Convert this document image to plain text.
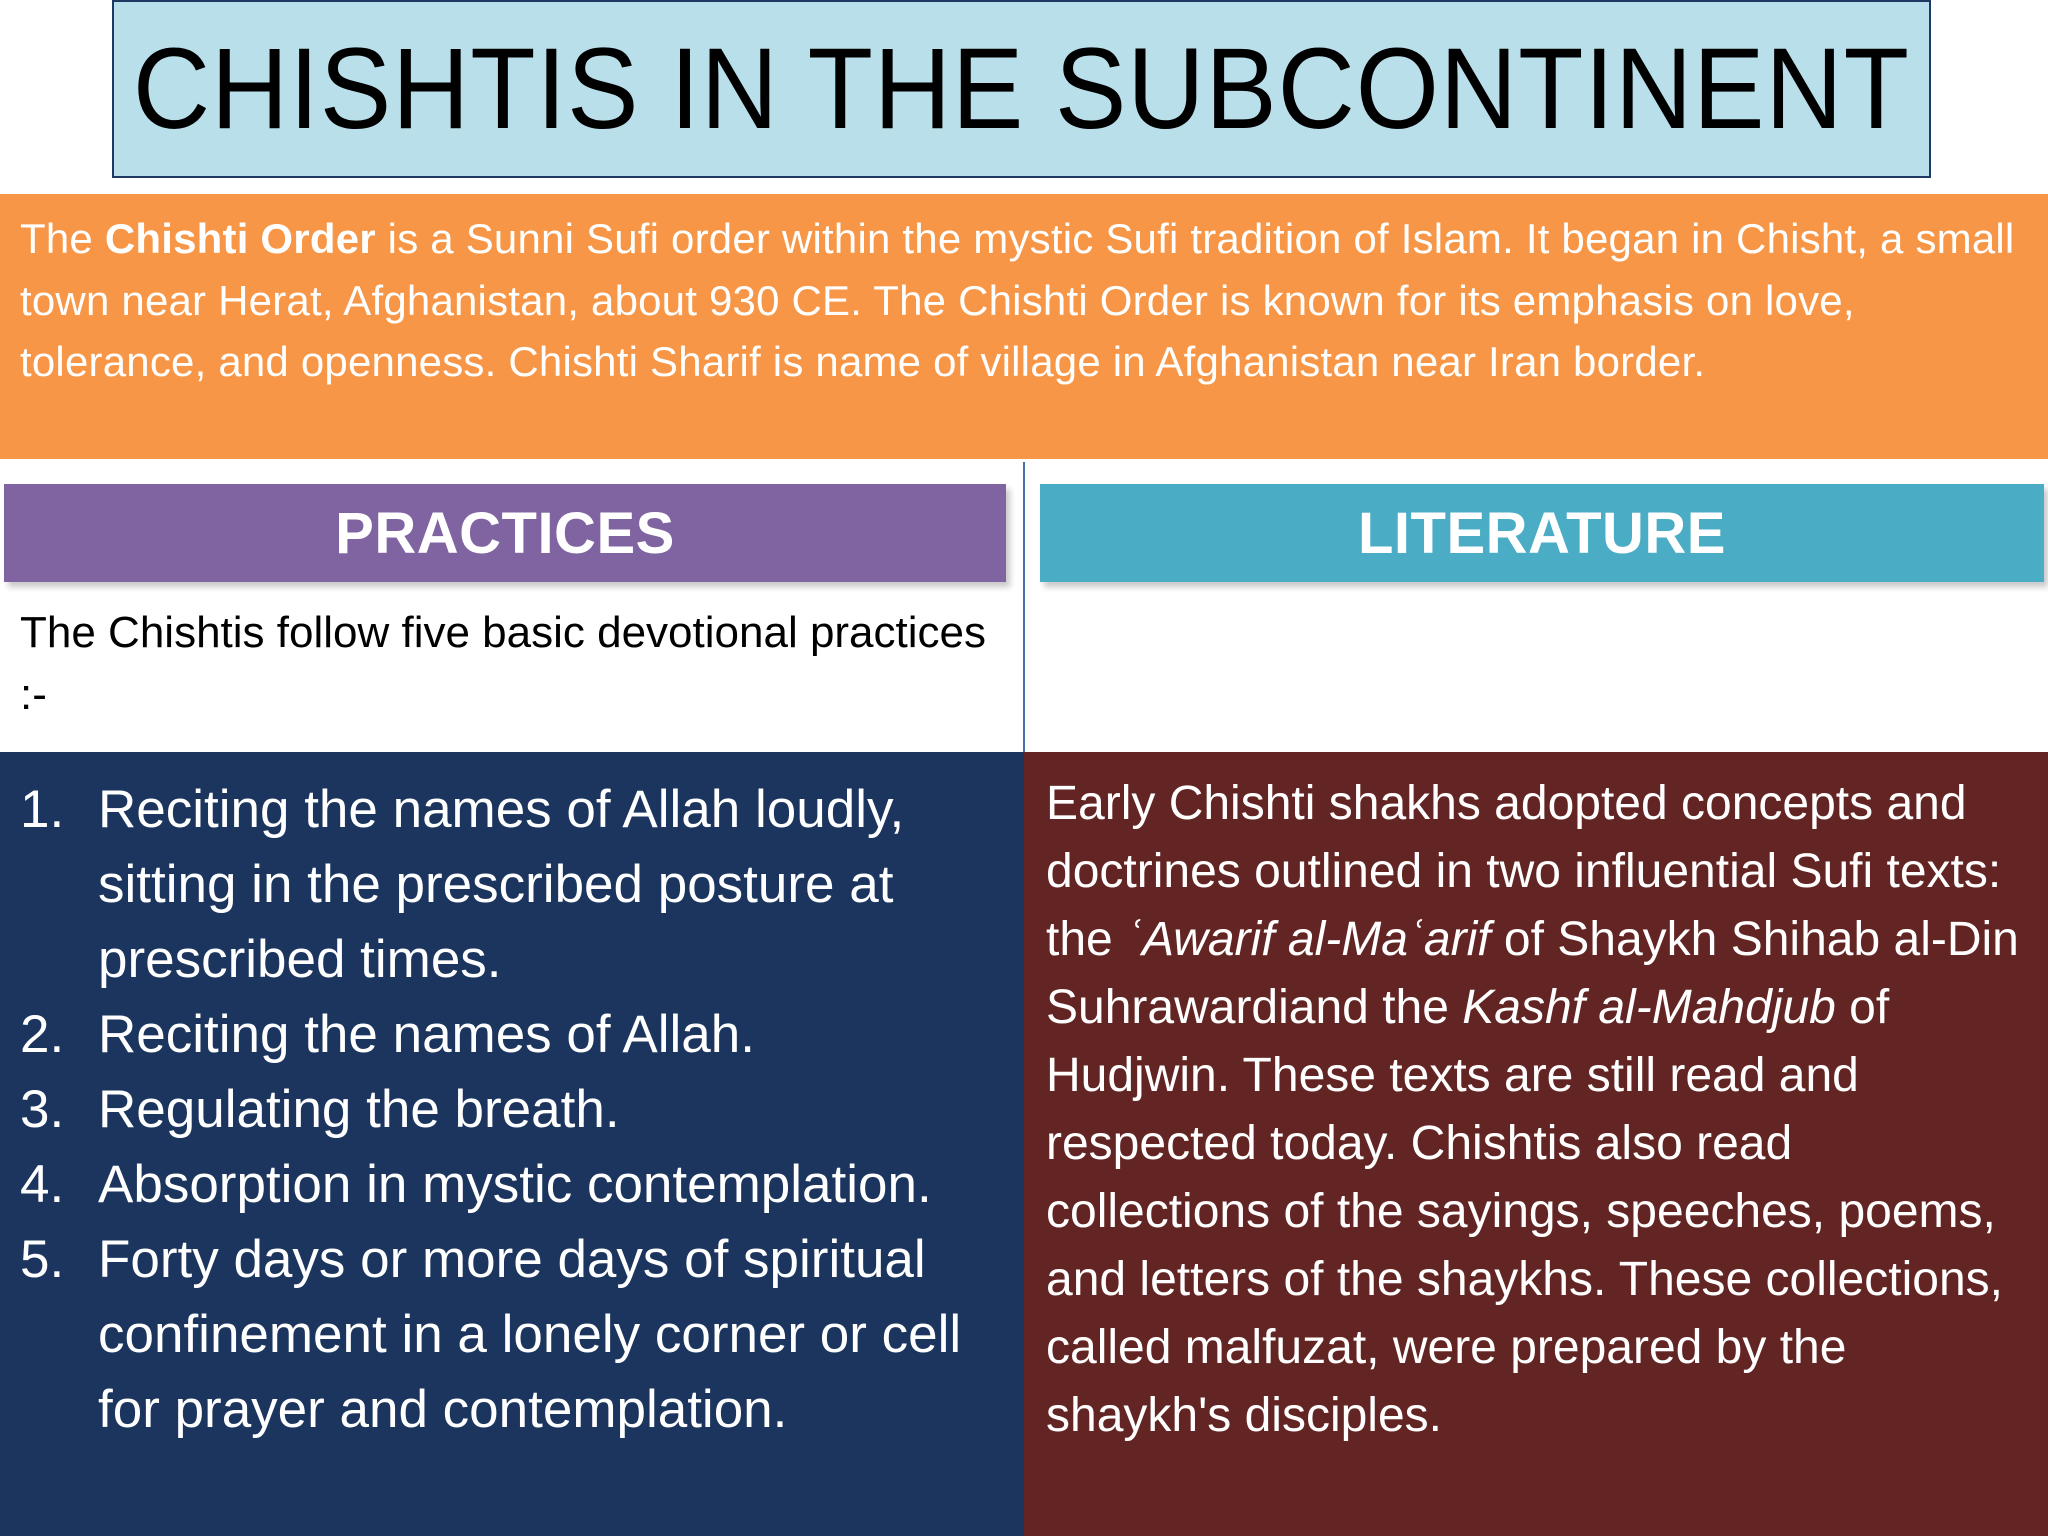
CHISHTIS IN THE SUBCONTINENT
The Chishti Order is a Sunni Sufi order within the mystic Sufi tradition of Islam. It began in Chisht, a small town near Herat, Afghanistan, about 930 CE. The Chishti Order is known for its emphasis on love, tolerance, and openness. Chishti Sharif is name of village in Afghanistan near Iran border.
PRACTICES	LITERATURE
The Chishtis follow five basic devotional practices :-
1. Reciting the names of Allah loudly, sitting in the prescribed posture at prescribed times.
2. Reciting the names of Allah.
3. Regulating the breath.
4. Absorption in mystic contemplation.
5. Forty days or more days of spiritual confinement in a lonely corner or cell for prayer and contemplation.
Early Chishti shakhs adopted concepts and doctrines outlined in two influential Sufi texts: the ʿAwarif al-Maʿarif of Shaykh Shihab al-Din Suhrawardiand the Kashf al-Mahdjub of Hudjwin. These texts are still read and respected today. Chishtis also read collections of the sayings, speeches, poems, and letters of the shaykhs. These collections, called malfuzat, were prepared by the shaykh's disciples.
